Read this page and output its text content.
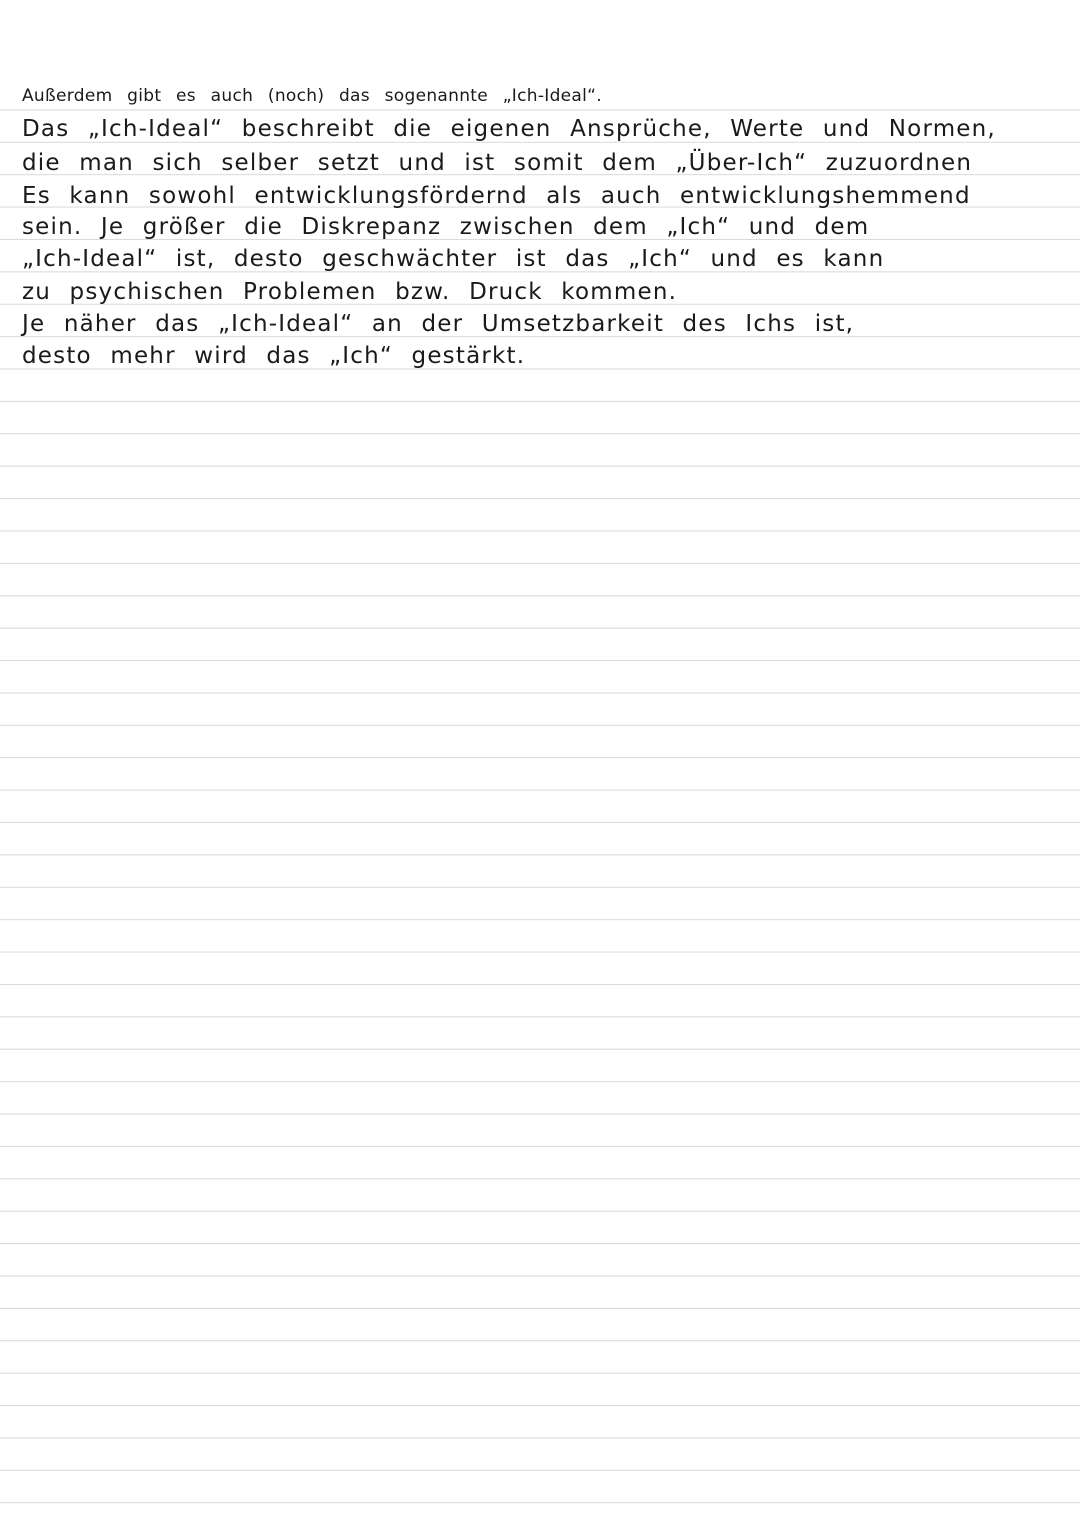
Außerdem gibt es auch (noch) das sogenannte „Ich-Ideal“.
Das „Ich-Ideal“ beschreibt die eigenen Ansprüche, Werte und Normen,
die man sich selber setzt und ist somit dem „Über-Ich“ zuzuordnen
Es kann sowohl entwicklungsfördernd als auch entwicklungshemmend
sein. Je größer die Diskrepanz zwischen dem „Ich“ und dem
„Ich-Ideal“ ist, desto geschwächter ist das „Ich“ und es kann
zu psychischen Problemen bzw. Druck kommen.
Je näher das „Ich-Ideal“ an der Umsetzbarkeit des Ichs ist,
desto mehr wird das „Ich“ gestärkt.
